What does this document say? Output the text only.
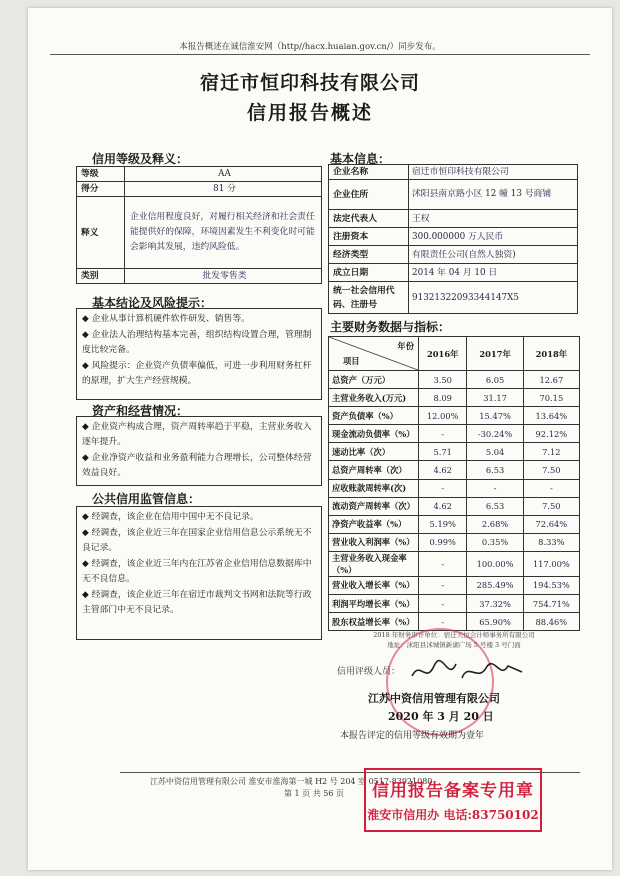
本报告概述在诚信淮安网（http//hacx.huaian.gov.cn/）同步发布。
宿迁市恒印科技有限公司
信用报告概述
信用等级及释义：
等级	AA
得分	81 分
释义	企业信用程度良好，对履行相关经济和社会责任能提供好的保障，环境因素发生不利变化时可能会影响其发展，违约风险低。
类别	批发零售类
基本信息：
企业名称	宿迁市恒印科技有限公司
企业住所	沭阳县南京路小区 12 幢 13 号商铺
法定代表人	王权
注册资本	300.000000 万人民币
经济类型	有限责任公司(自然人独资)
成立日期	2014 年 04 月 10 日
统一社会信用代码、注册号	91321322093344147X5
基本结论及风险提示：

◆ 企业从事计算机硬件软件研发、销售等。

◆ 企业法人治理结构基本完善，组织结构设置合理，管理制度比较完备。

◆ 风险提示：企业资产负债率偏低，可进一步利用财务杠杆的原理，扩大生产经营规模。

资产和经营情况：

◆ 企业资产构成合理，资产周转率趋于平稳，主营业务收入逐年提升。

◆ 企业净资产收益和业务盈利能力合理增长，公司整体经营效益良好。

公共信用监管信息：

◆ 经调查，该企业在信用中国中无不良记录。

◆ 经调查，该企业近三年在国家企业信用信息公示系统无不良记录。

◆ 经调查，该企业近三年内在江苏省企业信用信息数据库中无不良信息。

◆ 经调查，该企业近三年在宿迁市裁判文书网和法院等行政主管部门中无不良记录。

主要财务数据与指标：
年份
项目	2016年	2017年	2018年
总资产（万元）	3.50	6.05	12.67
主营业务收入(万元)	8.09	31.17	70.15
资产负债率（%）	12.00%	15.47%	13.64%
现金流动负债率（%）	-	-30.24%	92.12%
速动比率（次）	5.71	5.04	7.12
总资产周转率（次）	4.62	6.53	7.50
应收账款周转率(次)	-	-	-
流动资产周转率（次）	4.62	6.53	7.50
净资产收益率（%）	5.19%	2.68%	72.64%
营业收入利润率（%）	0.99%	0.35%	8.33%
主营业务收入现金率（%）	-	100.00%	117.00%
营业收入增长率（%）	-	285.49%	194.53%
利润平均增长率（%）	-	37.32%	754.71%
股东权益增长率（%）	-	65.90%	88.46%
2018 年财务审计单位：宿迁天恒会计师事务所有限公司
地址：沭阳县沭城镇新湖广场 5 号楼 3 号门面
信用评级人员：
江苏中资信用管理有限公司
2020 年 3 月 20 日
本报告评定的信用等级有效期为壹年
江苏中资信用管理有限公司 淮安市淮海第一城 H2 号 204 室 0517-83921080
第 1 页 共 56 页	信用报告备案专用章
淮安市信用办 电话:83750102
